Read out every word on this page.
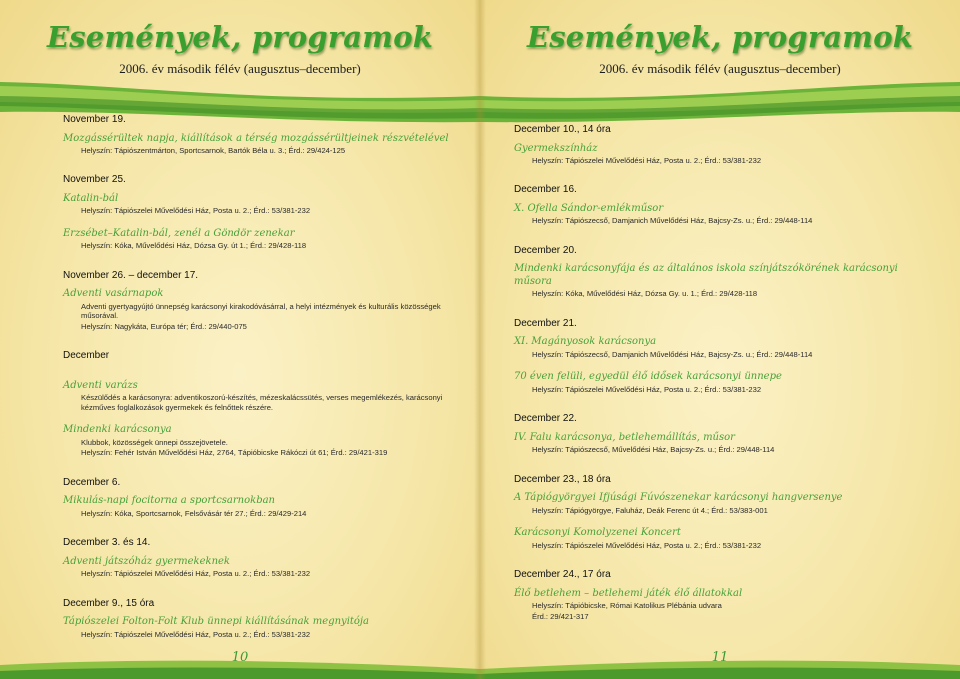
Események, programok
2006. év második félév (augusztus–december)
November 19.
Mozgássérültek napja, kiállítások a térség mozgássérültjeinek részvételével
Helyszín: Tápiószentmárton, Sportcsarnok, Bartók Béla u. 3.; Érd.: 29/424-125
November 25.
Katalin-bál
Helyszín: Tápiószelei Művelődési Ház, Posta u. 2.; Érd.: 53/381-232
Erzsébet–Katalin-bál, zenél a Göndör zenekar
Helyszín: Kóka, Művelődési Ház, Dózsa Gy. út 1.; Érd.: 29/428-118
November 26. – december 17.
Adventi vasárnapok
Adventi gyertyagyújtó ünnepség karácsonyi kirakodóvásárral, a helyi intézmények és kulturális közösségek műsorával.
Helyszín: Nagykáta, Európa tér; Érd.: 29/440-075
December
Adventi varázs
Készülődés a karácsonyra: adventikoszorú-készítés, mézeskalácssütés, verses megemlékezés, karácsonyi kézműves foglalkozások gyermekek és felnőttek részére.
Mindenki karácsonya
Klubbok, közösségek ünnepi összejövetele.
Helyszín: Fehér István Művelődési Ház, 2764, Tápióbicske Rákóczi út 61; Érd.: 29/421-319
December 6.
Mikulás-napi focitorna a sportcsarnokban
Helyszín: Kóka, Sportcsarnok, Felsővásár tér 27.; Érd.: 29/429-214
December 3. és 14.
Adventi játszóház gyermekeknek
Helyszín: Tápiószelei Művelődési Ház, Posta u. 2.; Érd.: 53/381-232
December 9., 15 óra
Tápiószelei Folton-Folt Klub ünnepi kiállításának megnyitója
Helyszín: Tápiószelei Művelődési Ház, Posta u. 2.; Érd.: 53/381-232
10
Események, programok
2006. év második félév (augusztus–december)
December 10., 14 óra
Gyermekszínház
Helyszín: Tápiószelei Művelődési Ház, Posta u. 2.; Érd.: 53/381-232
December 16.
X. Ofella Sándor-emlékműsor
Helyszín: Tápiószecső, Damjanich Művelődési Ház, Bajcsy-Zs. u.; Érd.: 29/448-114
December 20.
Mindenki karácsonyfája és az általános iskola színjátszókörének karácsonyi műsora
Helyszín: Kóka, Művelődési Ház, Dózsa Gy. u. 1.; Érd.: 29/428-118
December 21.
XI. Magányosok karácsonya
Helyszín: Tápiószecső, Damjanich Művelődési Ház, Bajcsy-Zs. u.; Érd.: 29/448-114
70 éven felüli, egyedül élő idősek karácsonyi ünnepe
Helyszín: Tápiószelei Művelődési Ház, Posta u. 2.; Érd.: 53/381-232
December 22.
IV. Falu karácsonya, betlehemállítás, műsor
Helyszín: Tápiószecső, Művelődési Ház, Bajcsy-Zs. u.; Érd.: 29/448-114
December 23., 18 óra
A Tápiógyörgyei Ifjúsági Fúvószenekar karácsonyi hangversenye
Helyszín: Tápiógyörgye, Faluház, Deák Ferenc út 4.; Érd.: 53/383-001
Karácsonyi Komolyzenei Koncert
Helyszín: Tápiószelei Művelődési Ház, Posta u. 2.; Érd.: 53/381-232
December 24., 17 óra
Élő betlehem – betlehemi játék élő állatokkal
Helyszín: Tápióbicske, Római Katolikus Plébánia udvara
Érd.: 29/421-317
11
